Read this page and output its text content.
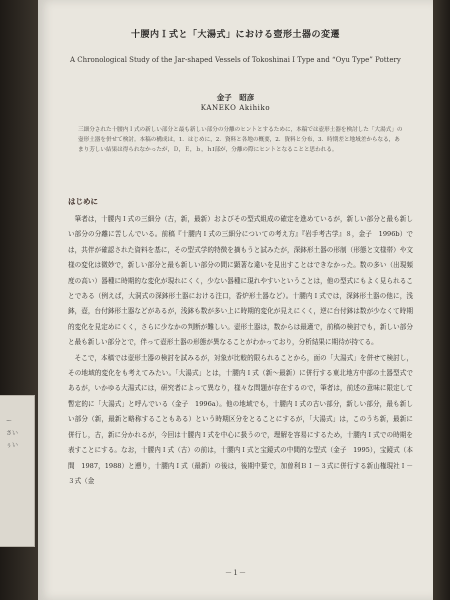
ー
さい
ぅい
十腰内Ｉ式と「大湯式」における壺形土器の変遷
A Chronological Study of the Jar-shaped Vessels of Tokoshinai I Type and “Oyu Type” Pottery
金子　昭彦
KANEKO Akihiko
三細分された十腰内Ｉ式の新しい部分と最も新しい部分の分離のヒントとするために，本稿では壺形土器を検討した「大湯式」の壺形土器を併せて検討。本稿の構成は，1．はじめに，2．資料と各地の概要，2．資料と分布，3．時期差と地域差からなる，あまり芳しい結果は得られなかったが，Ｄ，Ｅ，ｂ，ｈⅠ部が，分離の際にヒントとなることと思われる。
はじめに

筆者は，十腰内Ｉ式の三細分（古，新，最新）およびその型式組成の確定を進めているが，新しい部分と最も新しい部分の分離に苦しんでいる。前稿『十腰内Ｉ式の三細分についての考え方』『岩手考古学』８，金子　1996b）では，共伴が確認された資料を基に，その型式学的特徴を摘もうと試みたが，深鉢形土器の形制（形態と文様帯）や文様の変化は微妙で，新しい部分と最も新しい部分の間に顕著な違いを見出すことはできなかった。数の多い（出現頻度の高い）器種に時期的な変化が現れにくく，少ない器種に現れやすいということは，他の型式にもよく見られることである（例えば，大洞式の深鉢形土器における注口，香炉形土器など）。十腰内Ｉ式では，深鉢形土器の他に，浅鉢，壺，台付鉢形土器などがあるが，浅鉢も数が多い上に時期的変化が見えにくく，逆に台付鉢は数が少なくて時期的変化を見定めにくく，さらに少なかの判断が難しい。壺形土器は，数からは最適で，前稿の検討でも，新しい部分と最も新しい部分とで，伴って壺形土器の形態が異なることがわかっており，分析結果に期待が持てる。

そこで，本稿では壺形土器の検討を試みるが，対象が比較的限られることから，面の「大湯式」を併せて検討し，その地域的変化をも考えてみたい。「大湯式」とは，十腰内Ｉ式（新～最新）に併行する東北地方中部の土器型式であるが，いかゆる大湯式には，研究者によって異なり，様々な問題が存在するので，筆者は，前述の意味に限定して暫定的に「大湯式」と呼んでいる（金子　1996a）。他の地域でも，十腰内Ｉ式の古い部分，新しい部分，最も新しい部分（新，最新と略称することもある）という時期区分をとることにするが，「大湯式」は，このうち新，最新に併行し，古，新に分かれるが，今回は十腰内Ｉ式を中心に扱うので，理解を容易にするため，十腰内Ｉ式での時期を表すことにする。なお，十腰内Ｉ式（古）の前は，十腰内Ｉ式と宝鏡式の中間的な型式（金子　1995），宝鏡式（本間　1987，1988）と遡り，十腰内Ｉ式（最新）の後は，後期中葉で，加曽利ＢＩ－３式に併行する新山権現社Ｉ－３式（金

－１－
